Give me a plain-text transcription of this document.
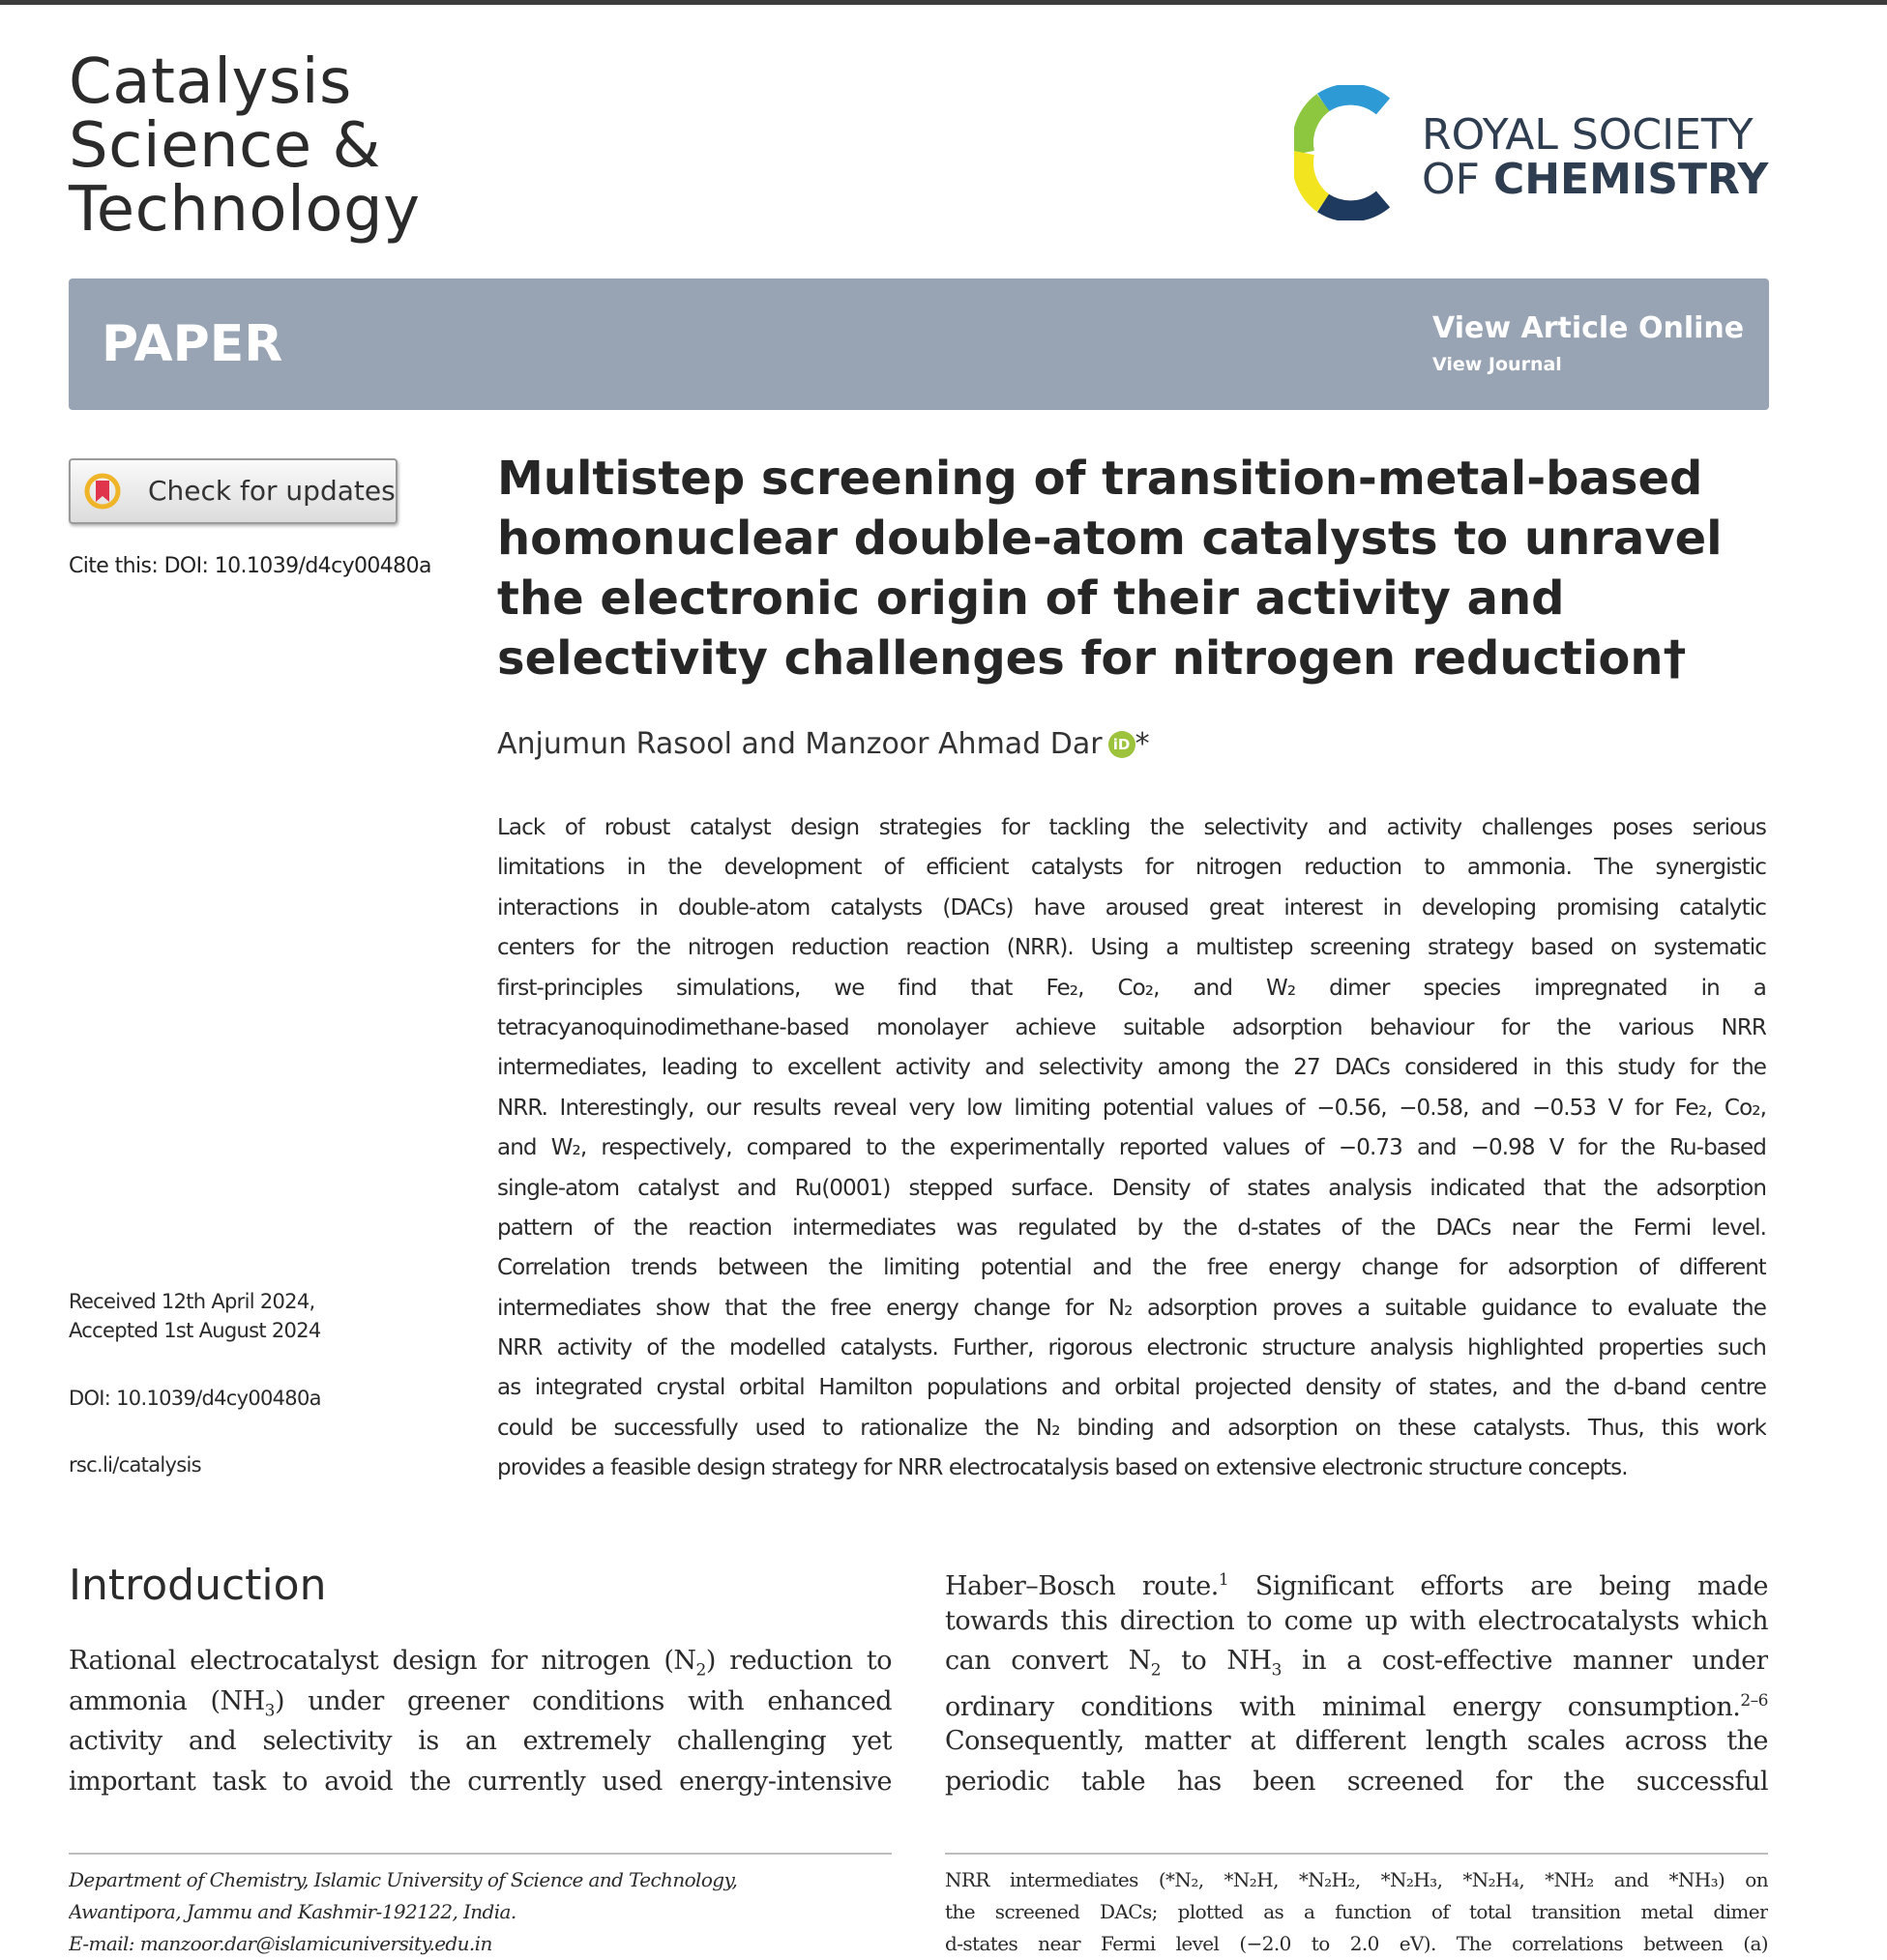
Catalysis
Science &
Technology
ROYAL SOCIETY
OF CHEMISTRY
PAPER	View Article Online
View Journal
Check for updates
Cite this: DOI: 10.1039/d4cy00480a
Multistep screening of transition-metal-based
homonuclear double-atom catalysts to unravel
the electronic origin of their activity and
selectivity challenges for nitrogen reduction†
Anjumun Rasool and Manzoor Ahmad Dar iD *
Lack of robust catalyst design strategies for tackling the selectivity and activity challenges poses serious
limitations in the development of efficient catalysts for nitrogen reduction to ammonia. The synergistic
interactions in double-atom catalysts (DACs) have aroused great interest in developing promising catalytic
centers for the nitrogen reduction reaction (NRR). Using a multistep screening strategy based on systematic
first-principles simulations, we find that Fe₂, Co₂, and W₂ dimer species impregnated in a
tetracyanoquinodimethane-based monolayer achieve suitable adsorption behaviour for the various NRR
intermediates, leading to excellent activity and selectivity among the 27 DACs considered in this study for the
NRR. Interestingly, our results reveal very low limiting potential values of −0.56, −0.58, and −0.53 V for Fe₂, Co₂,
and W₂, respectively, compared to the experimentally reported values of −0.73 and −0.98 V for the Ru-based
single-atom catalyst and Ru(0001) stepped surface. Density of states analysis indicated that the adsorption
pattern of the reaction intermediates was regulated by the d-states of the DACs near the Fermi level.
Correlation trends between the limiting potential and the free energy change for adsorption of different
intermediates show that the free energy change for N₂ adsorption proves a suitable guidance to evaluate the
NRR activity of the modelled catalysts. Further, rigorous electronic structure analysis highlighted properties such
as integrated crystal orbital Hamilton populations and orbital projected density of states, and the d-band centre
could be successfully used to rationalize the N₂ binding and adsorption on these catalysts. Thus, this work
provides a feasible design strategy for NRR electrocatalysis based on extensive electronic structure concepts.
Received 12th April 2024,
Accepted 1st August 2024
DOI: 10.1039/d4cy00480a
rsc.li/catalysis
Introduction
Rational electrocatalyst design for nitrogen $(N_2)$ reduction to
ammonia $(NH_3)$ under greener conditions with enhanced
activity and selectivity is an extremely challenging yet
important task to avoid the currently used energy-intensive
Haber–Bosch route.$^1$ Significant efforts are being made
towards this direction to come up with electrocatalysts which
can convert $N_2$ to $NH_3$ in a cost-effective manner under
ordinary conditions with minimal energy consumption.$^{2-6}$
Consequently, matter at different length scales across the
periodic table has been screened for the successful
Department of Chemistry, Islamic University of Science and Technology,
Awantipora, Jammu and Kashmir-192122, India.
E-mail: manzoor.dar@islamicuniversity.edu.in
NRR intermediates (*N₂, *N₂H, *N₂H₂, *N₂H₃, *N₂H₄, *NH₂ and *NH₃) on
the screened DACs; plotted as a function of total transition metal dimer
d-states near Fermi level (−2.0 to 2.0 eV). The correlations between (a)
